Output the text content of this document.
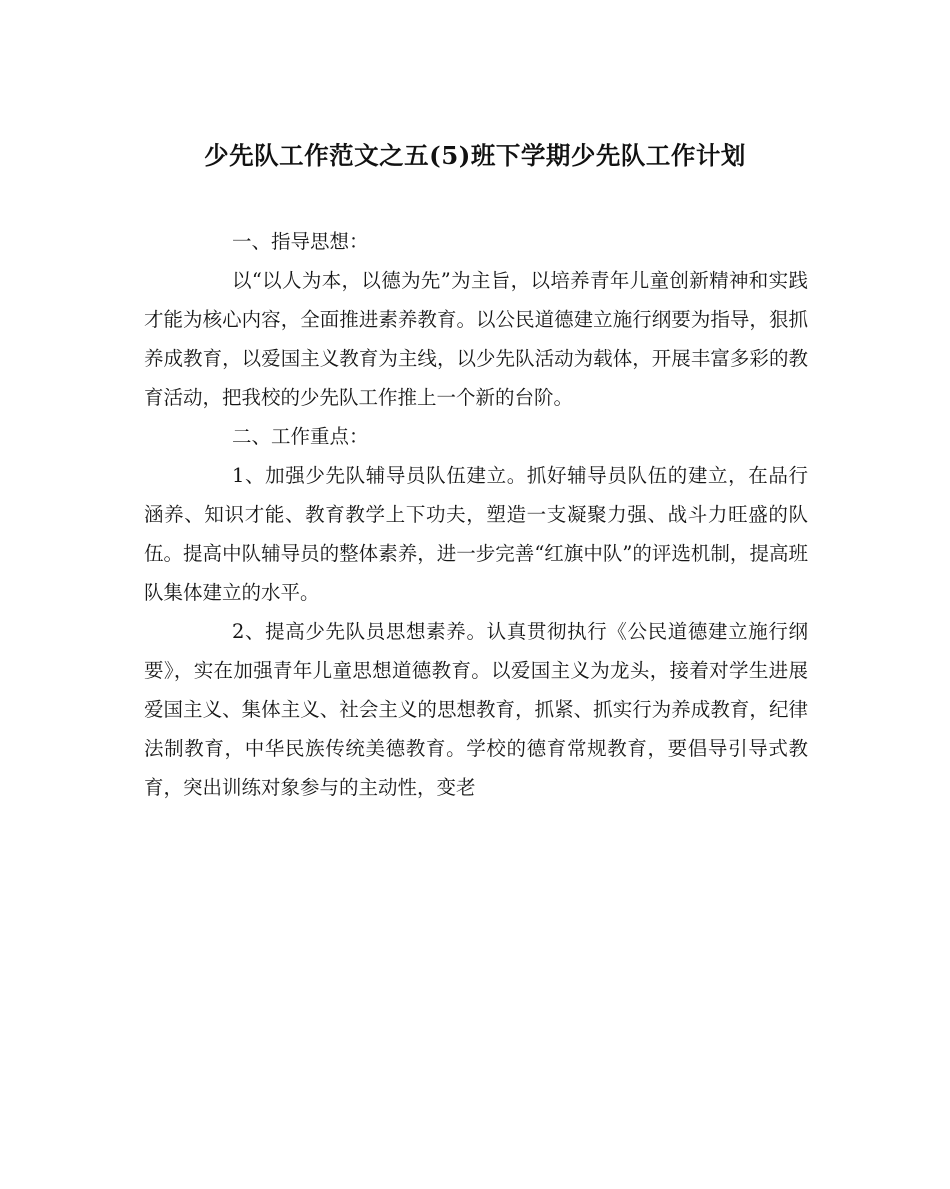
少先队工作范文之五(5)班下学期少先队工作计划

一、指导思想：

以“以人为本，以德为先”为主旨，以培养青年儿童创新精神和实践才能为核心内容，全面推进素养教育。以公民道德建立施行纲要为指导，狠抓养成教育，以爱国主义教育为主线，以少先队活动为载体，开展丰富多彩的教育活动，把我校的少先队工作推上一个新的台阶。

二、工作重点：

1、加强少先队辅导员队伍建立。抓好辅导员队伍的建立，在品行涵养、知识才能、教育教学上下功夫，塑造一支凝聚力强、战斗力旺盛的队伍。提高中队辅导员的整体素养，进一步完善“红旗中队”的评选机制，提高班队集体建立的水平。

2、提高少先队员思想素养。认真贯彻执行《公民道德建立施行纲要》，实在加强青年儿童思想道德教育。以爱国主义为龙头，接着对学生进展爱国主义、集体主义、社会主义的思想教育，抓紧、抓实行为养成教育，纪律法制教育，中华民族传统美德教育。学校的德育常规教育，要倡导引导式教育，突出训练对象参与的主动性，变老
